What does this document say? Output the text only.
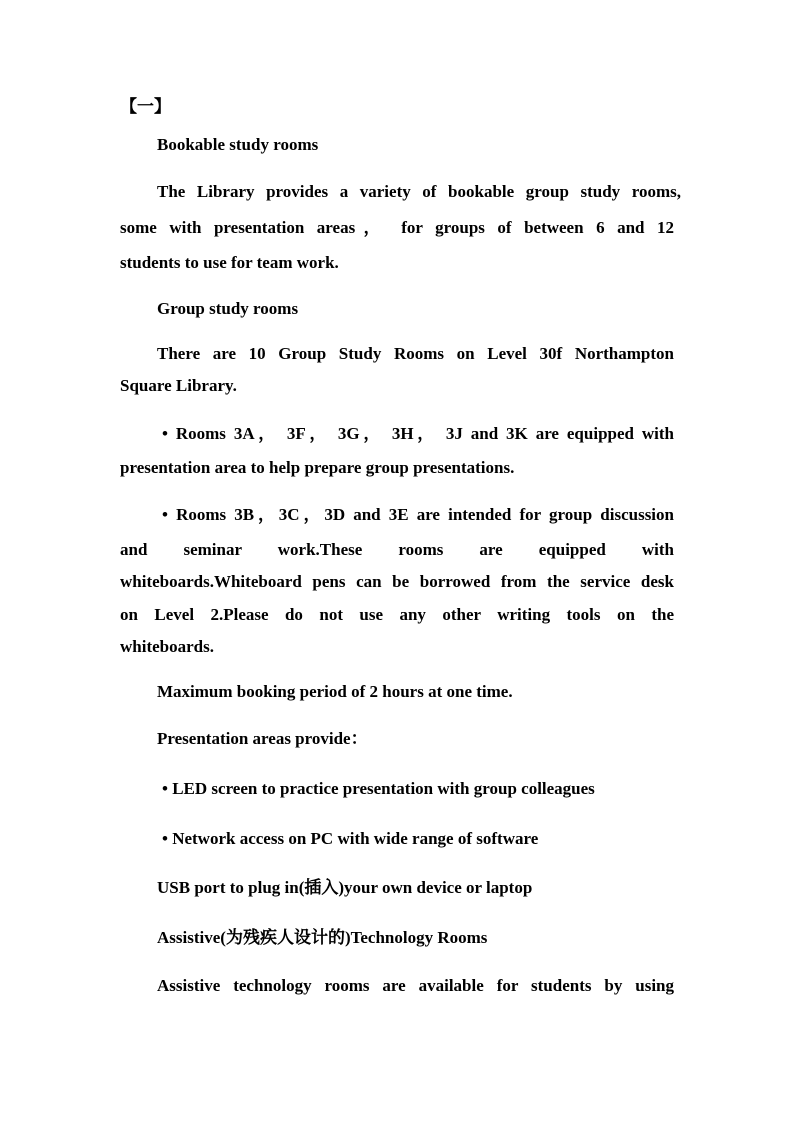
【一】
Bookable study rooms
The Library provides a variety of bookable group study rooms,
some with presentation areas， for groups of between 6 and 12
students to use for team work.
Group study rooms
There are 10 Group Study Rooms on Level 30f Northampton
Square Library.
• Rooms 3A， 3F， 3G， 3H， 3J and 3K are equipped with
presentation area to help prepare group presentations.
• Rooms 3B，3C，3D and 3E are intended for group discussion
and seminar work.These rooms are equipped with
whiteboards.Whiteboard pens can be borrowed from the service desk
on Level 2.Please do not use any other writing tools on the
whiteboards.
Maximum booking period of 2 hours at one time.
Presentation areas provide：
• LED screen to practice presentation with group colleagues
• Network access on PC with wide range of software
USB port to plug in(插入)your own device or laptop
Assistive(为残疾人设计的)Technology Rooms
Assistive technology rooms are available for students by using
